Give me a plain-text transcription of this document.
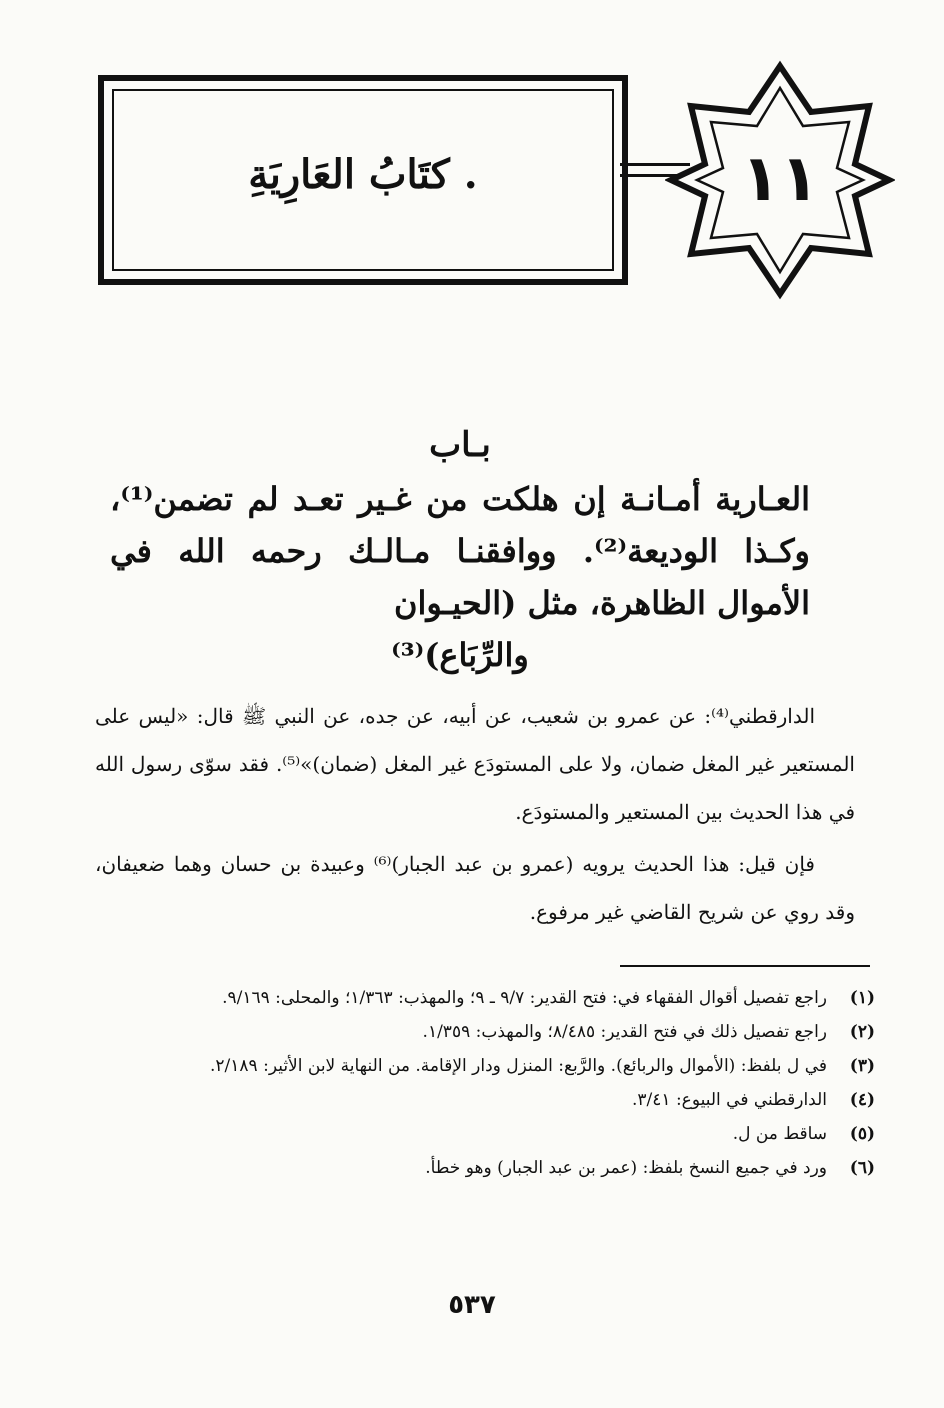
. كتَابُ العَارِيَةِ	١١
بـاب
العـارية أمـانـة إن هلكت من غـير تعـد لم تضمن⁽¹⁾، وكـذا الوديعة⁽²⁾. ووافقنـا مـالـك رحمه الله في الأموال الظاهرة، مثل (الحيـوان
والرِّبَاع)⁽³⁾

الدارقطني⁽⁴⁾: عن عمرو بن شعيب، عن أبيه، عن جده، عن النبي ﷺ قال: «ليس على المستعير غير المغل ضمان، ولا على المستودَع غير المغل (ضمان)»⁽⁵⁾. فقد سوّى رسول الله في هذا الحديث بين المستعير والمستودَع.

فإن قيل: هذا الحديث يرويه (عمرو بن عبد الجبار)⁽⁶⁾ وعبيدة بن حسان وهما ضعيفان، وقد روي عن شريح القاضي غير مرفوع.

(١)
راجع تفصيل أقوال الفقهاء في: فتح القدير: ٩/٧ ـ ٩؛ والمهذب: ١/٣٦٣؛ والمحلى: ٩/١٦٩.
(٢)
راجع تفصيل ذلك في فتح القدير: ٨/٤٨٥؛ والمهذب: ١/٣٥٩.
(٣)
في ل بلفظ: (الأموال والربائع). والرَّبع: المنزل ودار الإقامة. من النهاية لابن الأثير: ٢/١٨٩.
(٤)
الدارقطني في البيوع: ٣/٤١.
(٥)
ساقط من ل.
(٦)
ورد في جميع النسخ بلفظ: (عمر بن عبد الجبار) وهو خطأ.
٥٣٧
